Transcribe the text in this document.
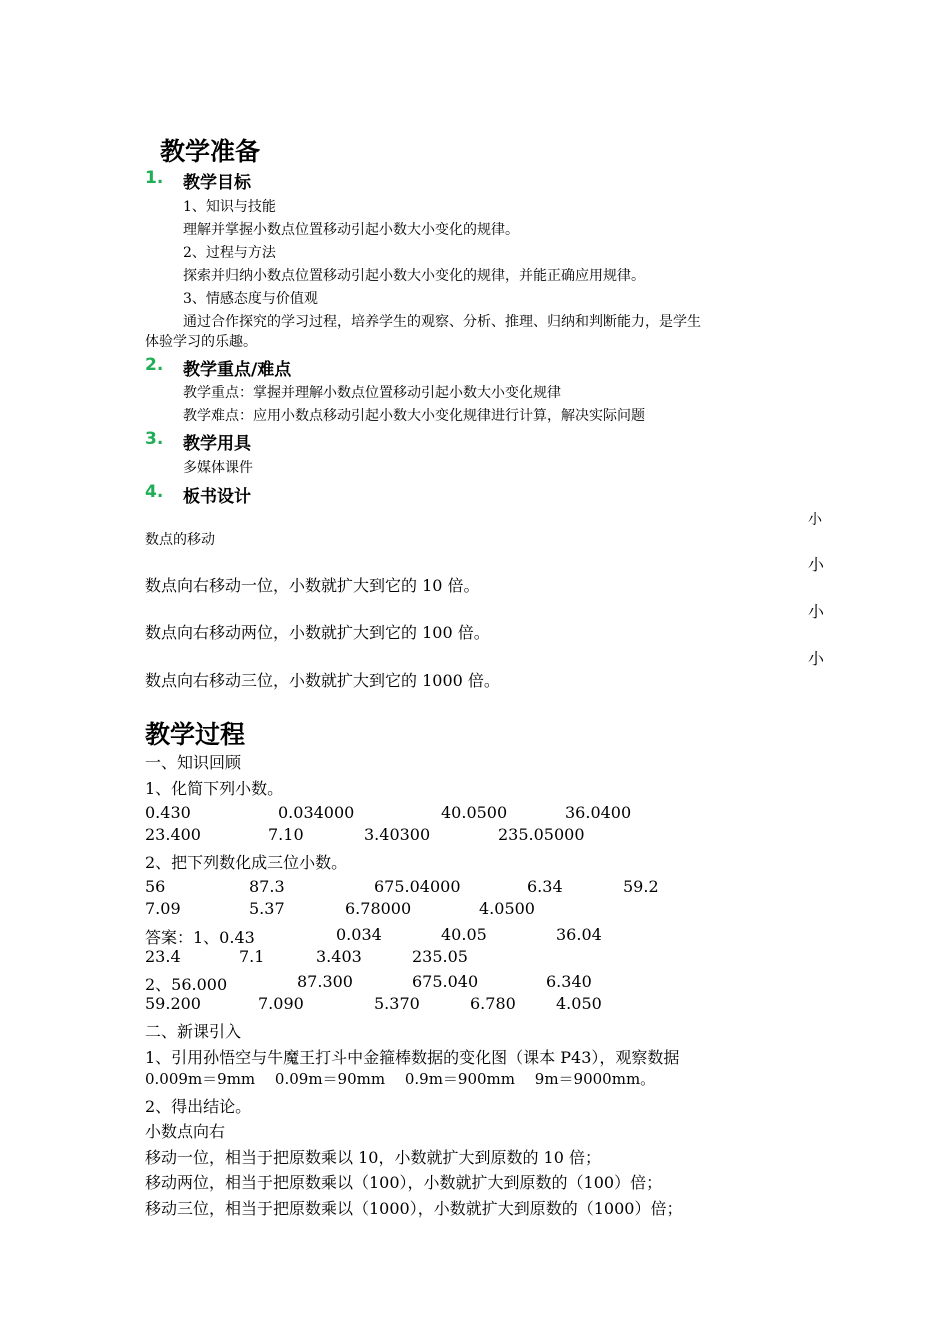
教学准备
1. 教学目标
1、知识与技能
理解并掌握小数点位置移动引起小数大小变化的规律。
2、过程与方法
探索并归纳小数点位置移动引起小数大小变化的规律，并能正确应用规律。
3、情感态度与价值观
通过合作探究的学习过程，培养学生的观察、分析、推理、归纳和判断能力，是学生
体验学习的乐趣。
2. 教学重点/难点
教学重点：掌握并理解小数点位置移动引起小数大小变化规律
教学难点：应用小数点移动引起小数大小变化规律进行计算，解决实际问题
3. 教学用具
多媒体课件
4. 板书设计
小
数点的移动
小
数点向右移动一位，小数就扩大到它的 10 倍。
小
数点向右移动两位，小数就扩大到它的 100 倍。
小
数点向右移动三位，小数就扩大到它的 1000 倍。
教学过程
一、知识回顾
1、化简下列小数。
0.430	0.034000	40.0500	36.0400
23.400	7.10	3.40300	235.05000
2、把下列数化成三位小数。
56	87.3	675.04000	6.34	59.2
7.09	5.37	6.78000	4.0500
答案：1、0.43	0.034	40.05	36.04
23.4	7.1	3.403	235.05
2、56.000	87.300	675.040	6.340
59.200	7.090	5.370	6.780	4.050
二、新课引入
1、引用孙悟空与牛魔王打斗中金箍棒数据的变化图（课本 P43），观察数据
0.009m＝9mm　 0.09m＝90mm　 0.9m＝900mm　 9m＝9000mm。
2、得出结论。
小数点向右
移动一位，相当于把原数乘以 10，小数就扩大到原数的 10 倍；
移动两位，相当于把原数乘以（100），小数就扩大到原数的（100）倍；
移动三位，相当于把原数乘以（1000），小数就扩大到原数的（1000）倍；
